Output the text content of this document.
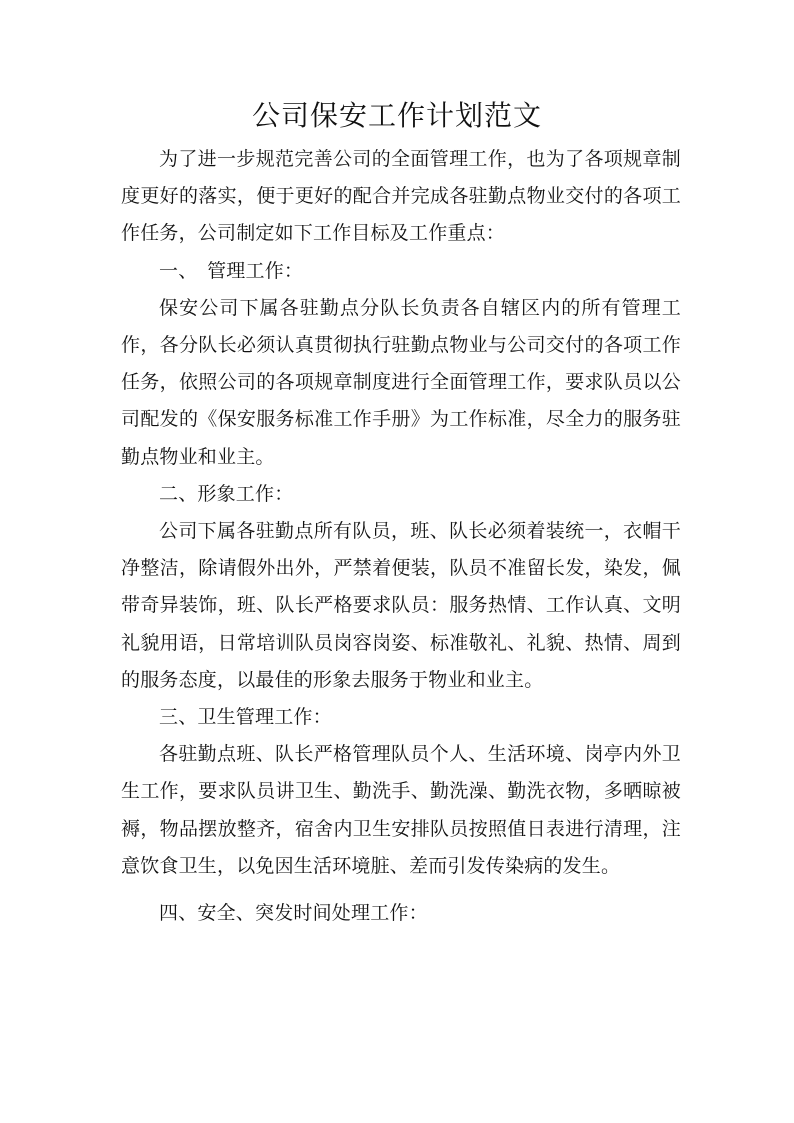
公司保安工作计划范文

为了进一步规范完善公司的全面管理工作，也为了各项规章制度更好的落实，便于更好的配合并完成各驻勤点物业交付的各项工作任务，公司制定如下工作目标及工作重点：

一、　管理工作：

保安公司下属各驻勤点分队长负责各自辖区内的所有管理工作，各分队长必须认真贯彻执行驻勤点物业与公司交付的各项工作任务，依照公司的各项规章制度进行全面管理工作，要求队员以公司配发的《保安服务标准工作手册》为工作标准，尽全力的服务驻勤点物业和业主。

二、形象工作：

公司下属各驻勤点所有队员，班、队长必须着装统一，衣帽干净整洁，除请假外出外，严禁着便装，队员不准留长发，染发，佩带奇异装饰，班、队长严格要求队员：服务热情、工作认真、文明礼貌用语，日常培训队员岗容岗姿、标准敬礼、礼貌、热情、周到的服务态度，以最佳的形象去服务于物业和业主。

三、卫生管理工作：

各驻勤点班、队长严格管理队员个人、生活环境、岗亭内外卫生工作，要求队员讲卫生、勤洗手、勤洗澡、勤洗衣物，多晒晾被褥，物品摆放整齐，宿舍内卫生安排队员按照值日表进行清理，注意饮食卫生，以免因生活环境脏、差而引发传染病的发生。

四、安全、突发时间处理工作：
